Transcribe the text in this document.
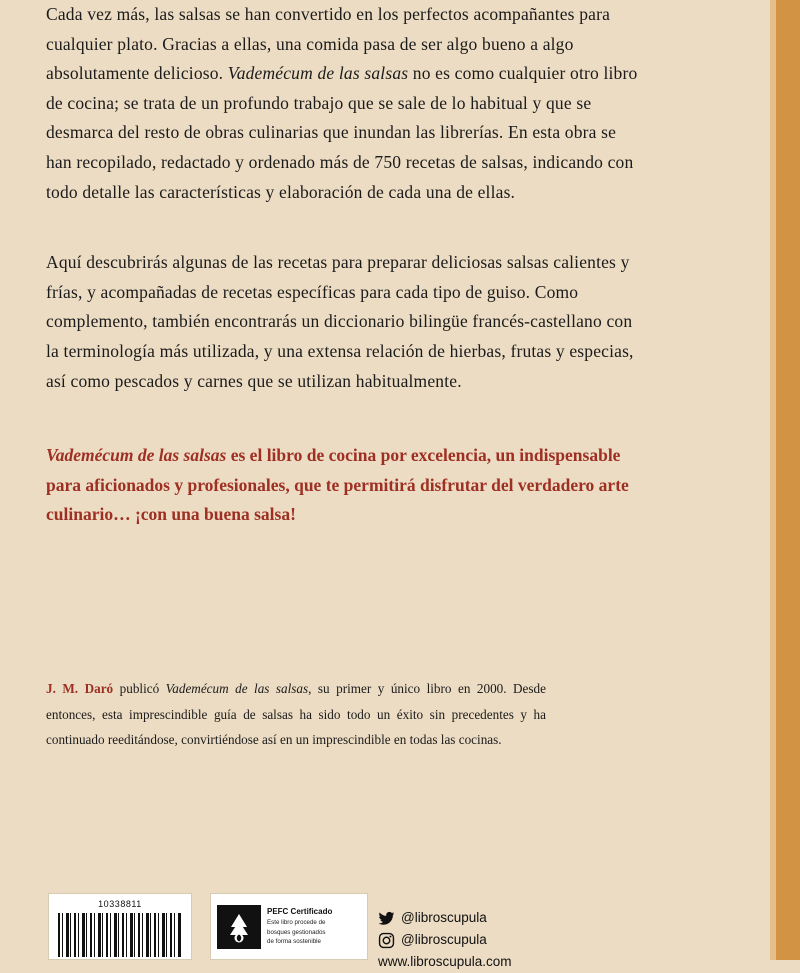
Cada vez más, las salsas se han convertido en los perfectos acompañantes para cualquier plato. Gracias a ellas, una comida pasa de ser algo bueno a algo absolutamente delicioso. Vademécum de las salsas no es como cualquier otro libro de cocina; se trata de un profundo trabajo que se sale de lo habitual y que se desmarca del resto de obras culinarias que inundan las librerías. En esta obra se han recopilado, redactado y ordenado más de 750 recetas de salsas, indicando con todo detalle las características y elaboración de cada una de ellas.

Aquí descubrirás algunas de las recetas para preparar deliciosas salsas calientes y frías, y acompañadas de recetas específicas para cada tipo de guiso. Como complemento, también encontrarás un diccionario bilingüe francés-castellano con la terminología más utilizada, y una extensa relación de hierbas, frutas y especias, así como pescados y carnes que se utilizan habitualmente.

Vademécum de las salsas es el libro de cocina por excelencia, un indispensable para aficionados y profesionales, que te permitirá disfrutar del verdadero arte culinario… ¡con una buena salsa!

J. M. Daró publicó Vademécum de las salsas, su primer y único libro en 2000. Desde entonces, esta imprescindible guía de salsas ha sido todo un éxito sin precedentes y ha continuado reeditándose, convirtiéndose así en un imprescindible en todas las cocinas.
10338811
PEFC Certificado
Este libro procede de
bosques gestionados
de forma sostenible
@libroscupula
@libroscupula
www.libroscupula.com
